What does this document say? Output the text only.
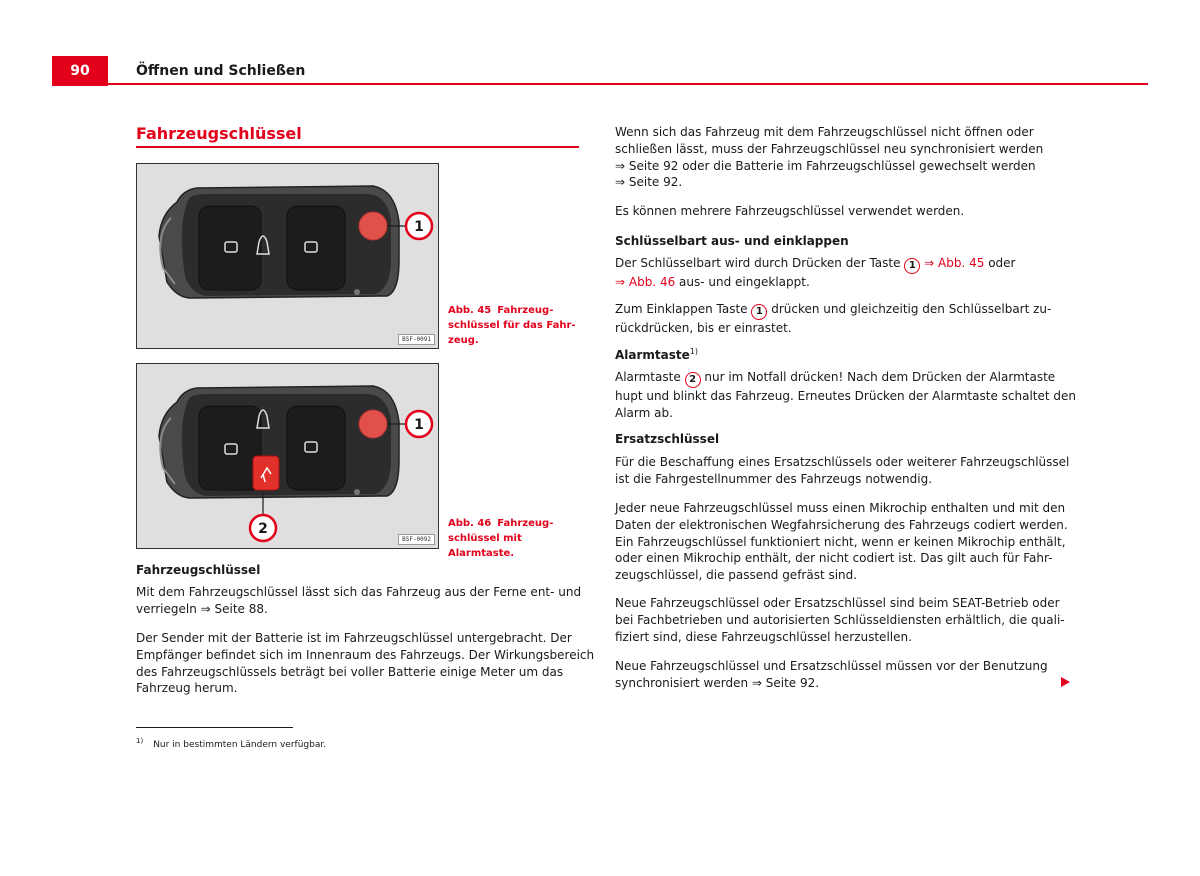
90	Öffnen und Schließen
Fahrzeugschlüssel
1
B5F-0091
Abb. 45 Fahrzeugschlüssel für das Fahrzeug.
1
2
B5F-0092
Abb. 46 Fahrzeugschlüssel mit Alarmtaste.
Fahrzeugschlüssel
Mit dem Fahrzeugschlüssel lässt sich das Fahrzeug aus der Ferne ent- und
verriegeln ⇒ Seite 88.
Der Sender mit der Batterie ist im Fahrzeugschlüssel untergebracht. Der
Empfänger befindet sich im Innenraum des Fahrzeugs. Der Wirkungsbereich
des Fahrzeugschlüssels beträgt bei voller Batterie einige Meter um das
Fahrzeug herum.
Wenn sich das Fahrzeug mit dem Fahrzeugschlüssel nicht öffnen oder
schließen lässt, muss der Fahrzeugschlüssel neu synchronisiert werden
⇒ Seite 92 oder die Batterie im Fahrzeugschlüssel gewechselt werden
⇒ Seite 92.
Es können mehrere Fahrzeugschlüssel verwendet werden.
Schlüsselbart aus- und einklappen
Der Schlüsselbart wird durch Drücken der Taste 1 ⇒ Abb. 45 oder
⇒ Abb. 46 aus- und eingeklappt.
Zum Einklappen Taste 1 drücken und gleichzeitig den Schlüsselbart zu-
rückdrücken, bis er einrastet.
Alarmtaste$^{1)}$
Alarmtaste 2 nur im Notfall drücken! Nach dem Drücken der Alarmtaste
hupt und blinkt das Fahrzeug. Erneutes Drücken der Alarmtaste schaltet den
Alarm ab.
Ersatzschlüssel
Für die Beschaffung eines Ersatzschlüssels oder weiterer Fahrzeugschlüssel
ist die Fahrgestellnummer des Fahrzeugs notwendig.
Jeder neue Fahrzeugschlüssel muss einen Mikrochip enthalten und mit den
Daten der elektronischen Wegfahrsicherung des Fahrzeugs codiert werden.
Ein Fahrzeugschlüssel funktioniert nicht, wenn er keinen Mikrochip enthält,
oder einen Mikrochip enthält, der nicht codiert ist. Das gilt auch für Fahr-
zeugschlüssel, die passend gefräst sind.
Neue Fahrzeugschlüssel oder Ersatzschlüssel sind beim SEAT-Betrieb oder
bei Fachbetrieben und autorisierten Schlüsseldiensten erhältlich, die quali-
fiziert sind, diese Fahrzeugschlüssel herzustellen.
Neue Fahrzeugschlüssel und Ersatzschlüssel müssen vor der Benutzung
synchronisiert werden ⇒ Seite 92.
$^{1)}$ Nur in bestimmten Ländern verfügbar.
